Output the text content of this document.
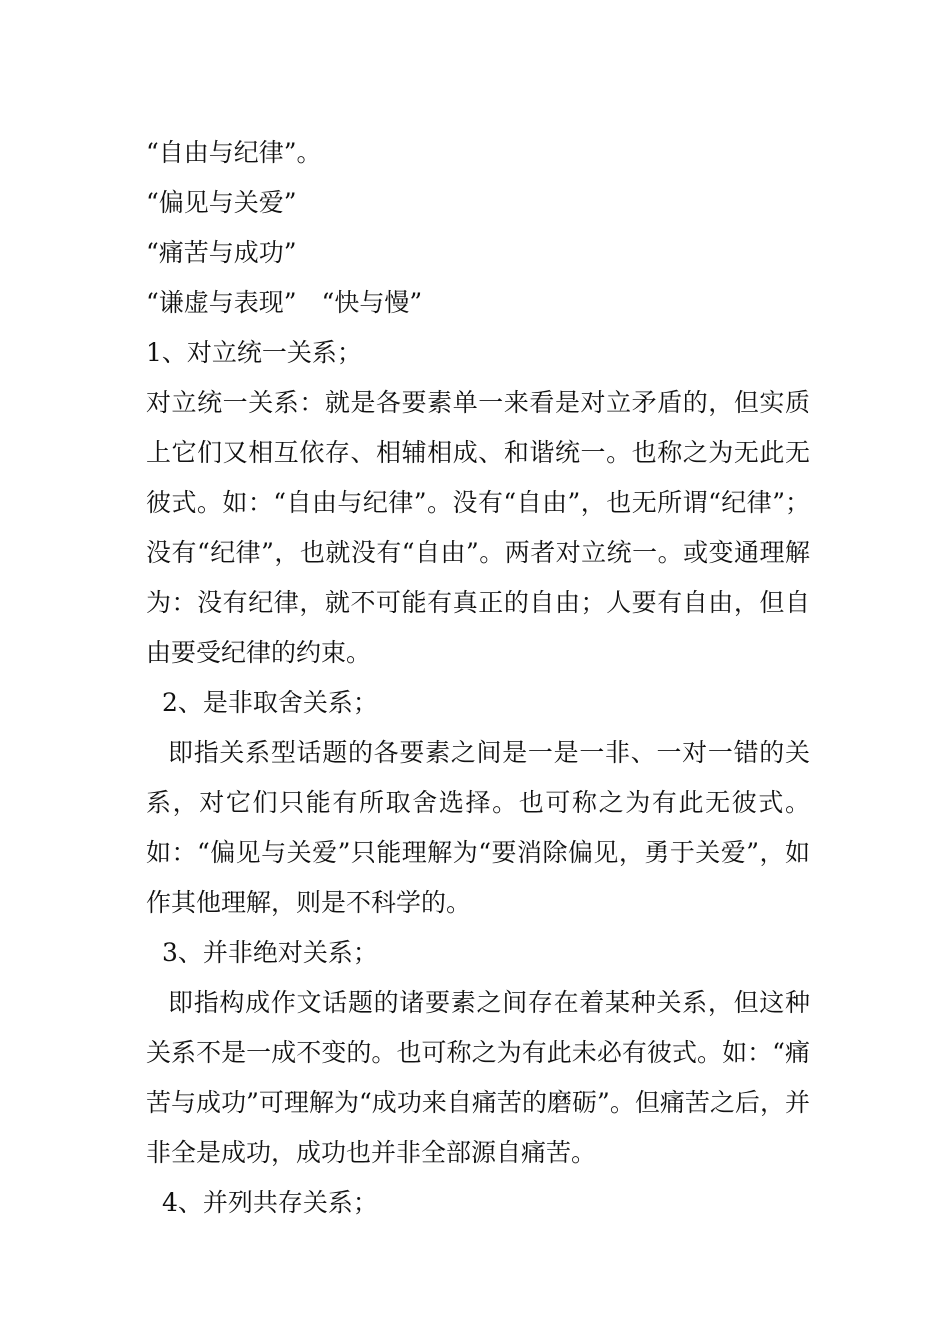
“自由与纪律”。

“偏见与关爱”

“痛苦与成功”

“谦虚与表现”　“快与慢”

1、对立统一关系；

对立统一关系：就是各要素单一来看是对立矛盾的，但实质上它们又相互依存、相辅相成、和谐统一。也称之为无此无彼式。如：“自由与纪律”。没有“自由”，也无所谓“纪律”；没有“纪律”，也就没有“自由”。两者对立统一。或变通理解为：没有纪律，就不可能有真正的自由；人要有自由，但自由要受纪律的约束。

2、是非取舍关系；

即指关系型话题的各要素之间是一是一非、一对一错的关系，对它们只能有所取舍选择。也可称之为有此无彼式。如：“偏见与关爱”只能理解为“要消除偏见，勇于关爱”，如作其他理解，则是不科学的。

3、并非绝对关系；

即指构成作文话题的诸要素之间存在着某种关系，但这种关系不是一成不变的。也可称之为有此未必有彼式。如：“痛苦与成功”可理解为“成功来自痛苦的磨砺”。但痛苦之后，并非全是成功，成功也并非全部源自痛苦。

4、并列共存关系；
